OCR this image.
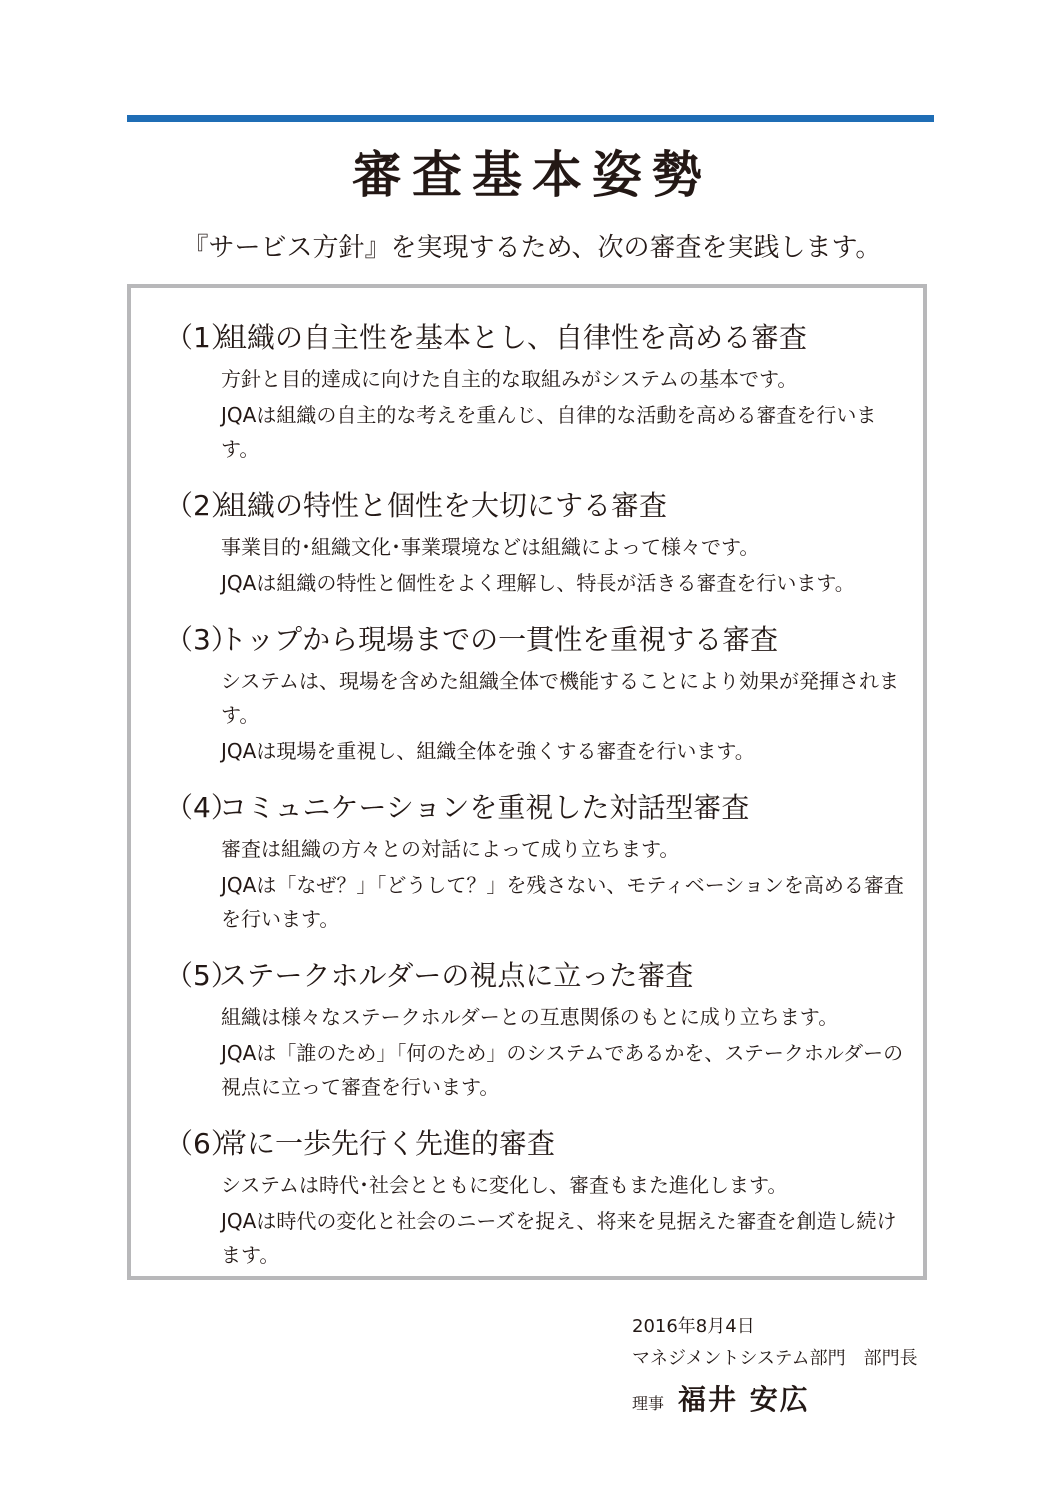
審査基本姿勢
『サービス方針』を実現するため、次の審査を実践します。
（1）組織の自主性を基本とし、自律性を高める審査
方針と目的達成に向けた自主的な取組みがシステムの基本です。
JQAは組織の自主的な考えを重んじ、自律的な活動を高める審査を行います。
（2）組織の特性と個性を大切にする審査
事業目的･組織文化･事業環境などは組織によって様々です。
JQAは組織の特性と個性をよく理解し、特長が活きる審査を行います。
（3）トップから現場までの一貫性を重視する審査
システムは、現場を含めた組織全体で機能することにより効果が発揮されます。
JQAは現場を重視し、組織全体を強くする審査を行います。
（4）コミュニケーションを重視した対話型審査
審査は組織の方々との対話によって成り立ちます。
JQAは「なぜ？」「どうして？」を残さない、モティベーションを高める審査を行います。
（5）ステークホルダーの視点に立った審査
組織は様々なステークホルダーとの互恵関係のもとに成り立ちます。
JQAは「誰のため」「何のため」のシステムであるかを、ステークホルダーの視点に立って審査を行います。
（6）常に一歩先行く先進的審査
システムは時代･社会とともに変化し、審査もまた進化します。
JQAは時代の変化と社会のニーズを捉え、将来を見据えた審査を創造し続けます。
2016年8月4日
マネジメントシステム部門　部門長
理事 福井 安広
